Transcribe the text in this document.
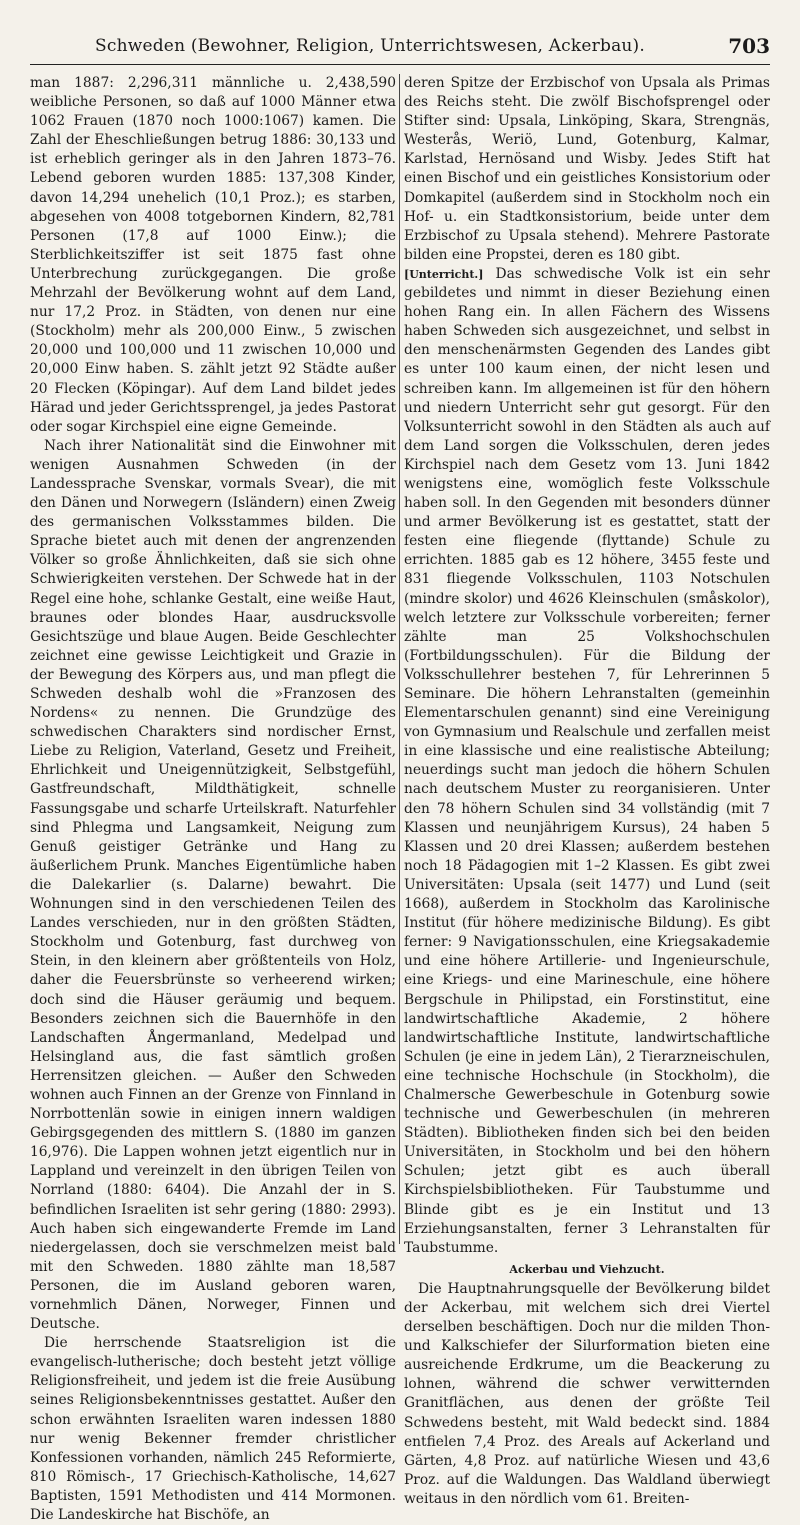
Schweden (Bewohner, Religion, Unterrichtswesen, Ackerbau).	703

man 1887: 2,296,311 männliche u. 2,438,590 weibliche Personen, so daß auf 1000 Männer etwa 1062 Frauen (1870 noch 1000:1067) kamen. Die Zahl der Eheschließungen betrug 1886: 30,133 und ist erheblich geringer als in den Jahren 1873–76. Lebend geboren wurden 1885: 137,308 Kinder, davon 14,294 unehelich (10,1 Proz.); es starben, abgesehen von 4008 totgebornen Kindern, 82,781 Personen (17,8 auf 1000 Einw.); die Sterblichkeitsziffer ist seit 1875 fast ohne Unterbrechung zurückgegangen. Die große Mehrzahl der Bevölkerung wohnt auf dem Land, nur 17,2 Proz. in Städten, von denen nur eine (Stockholm) mehr als 200,000 Einw., 5 zwischen 20,000 und 100,000 und 11 zwischen 10,000 und 20,000 Einw haben. S. zählt jetzt 92 Städte außer 20 Flecken (Köpingar). Auf dem Land bildet jedes Härad und jeder Gerichtssprengel, ja jedes Pastorat oder sogar Kirchspiel eine eigne Gemeinde.

Nach ihrer Nationalität sind die Einwohner mit wenigen Ausnahmen Schweden (in der Landessprache Svenskar, vormals Svear), die mit den Dänen und Norwegern (Isländern) einen Zweig des germanischen Volksstammes bilden. Die Sprache bietet auch mit denen der angrenzenden Völker so große Ähnlichkeiten, daß sie sich ohne Schwierigkeiten verstehen. Der Schwede hat in der Regel eine hohe, schlanke Gestalt, eine weiße Haut, braunes oder blondes Haar, ausdrucksvolle Gesichtszüge und blaue Augen. Beide Geschlechter zeichnet eine gewisse Leichtigkeit und Grazie in der Bewegung des Körpers aus, und man pflegt die Schweden deshalb wohl die »Franzosen des Nordens« zu nennen. Die Grundzüge des schwedischen Charakters sind nordischer Ernst, Liebe zu Religion, Vaterland, Gesetz und Freiheit, Ehrlichkeit und Uneigennützigkeit, Selbstgefühl, Gastfreundschaft, Mildthätigkeit, schnelle Fassungsgabe und scharfe Urteilskraft. Naturfehler sind Phlegma und Langsamkeit, Neigung zum Genuß geistiger Getränke und Hang zu äußerlichem Prunk. Manches Eigentümliche haben die Dalekarlier (s. Dalarne) bewahrt. Die Wohnungen sind in den verschiedenen Teilen des Landes verschieden, nur in den größten Städten, Stockholm und Gotenburg, fast durchweg von Stein, in den kleinern aber größtenteils von Holz, daher die Feuersbrünste so verheerend wirken; doch sind die Häuser geräumig und bequem. Besonders zeichnen sich die Bauernhöfe in den Landschaften Ångermanland, Medelpad und Helsingland aus, die fast sämtlich großen Herrensitzen gleichen. — Außer den Schweden wohnen auch Finnen an der Grenze von Finnland in Norrbottenlän sowie in einigen innern waldigen Gebirgsgegenden des mittlern S. (1880 im ganzen 16,976). Die Lappen wohnen jetzt eigentlich nur in Lappland und vereinzelt in den übrigen Teilen von Norrland (1880: 6404). Die Anzahl der in S. befindlichen Israeliten ist sehr gering (1880: 2993). Auch haben sich eingewanderte Fremde im Land niedergelassen, doch sie verschmelzen meist bald mit den Schweden. 1880 zählte man 18,587 Personen, die im Ausland geboren waren, vornehmlich Dänen, Norweger, Finnen und Deutsche.

Die herrschende Staatsreligion ist die evangelisch-lutherische; doch besteht jetzt völlige Religionsfreiheit, und jedem ist die freie Ausübung seines Religionsbekenntnisses gestattet. Außer den schon erwähnten Israeliten waren indessen 1880 nur wenig Bekenner fremder christlicher Konfessionen vorhanden, nämlich 245 Reformierte, 810 Römisch-, 17 Griechisch-Katholische, 14,627 Baptisten, 1591 Methodisten und 414 Mormonen. Die Landeskirche hat Bischöfe, an

deren Spitze der Erzbischof von Upsala als Primas des Reichs steht. Die zwölf Bischofsprengel oder Stifter sind: Upsala, Linköping, Skara, Strengnäs, Westerås, Weriö, Lund, Gotenburg, Kalmar, Karlstad, Hernösand und Wisby. Jedes Stift hat einen Bischof und ein geistliches Konsistorium oder Domkapitel (außerdem sind in Stockholm noch ein Hof- u. ein Stadtkonsistorium, beide unter dem Erzbischof zu Upsala stehend). Mehrere Pastorate bilden eine Propstei, deren es 180 gibt.

[Unterricht.] Das schwedische Volk ist ein sehr gebildetes und nimmt in dieser Beziehung einen hohen Rang ein. In allen Fächern des Wissens haben Schweden sich ausgezeichnet, und selbst in den menschenärmsten Gegenden des Landes gibt es unter 100 kaum einen, der nicht lesen und schreiben kann. Im allgemeinen ist für den höhern und niedern Unterricht sehr gut gesorgt. Für den Volksunterricht sowohl in den Städten als auch auf dem Land sorgen die Volksschulen, deren jedes Kirchspiel nach dem Gesetz vom 13. Juni 1842 wenigstens eine, womöglich feste Volksschule haben soll. In den Gegenden mit besonders dünner und armer Bevölkerung ist es gestattet, statt der festen eine fliegende (flyttande) Schule zu errichten. 1885 gab es 12 höhere, 3455 feste und 831 fliegende Volksschulen, 1103 Notschulen (mindre skolor) und 4626 Kleinschulen (småskolor), welch letztere zur Volksschule vorbereiten; ferner zählte man 25 Volkshochschulen (Fortbildungsschulen). Für die Bildung der Volksschullehrer bestehen 7, für Lehrerinnen 5 Seminare. Die höhern Lehranstalten (gemeinhin Elementarschulen genannt) sind eine Vereinigung von Gymnasium und Realschule und zerfallen meist in eine klassische und eine realistische Abteilung; neuerdings sucht man jedoch die höhern Schulen nach deutschem Muster zu reorganisieren. Unter den 78 höhern Schulen sind 34 vollständig (mit 7 Klassen und neunjährigem Kursus), 24 haben 5 Klassen und 20 drei Klassen; außerdem bestehen noch 18 Pädagogien mit 1–2 Klassen. Es gibt zwei Universitäten: Upsala (seit 1477) und Lund (seit 1668), außerdem in Stockholm das Karolinische Institut (für höhere medizinische Bildung). Es gibt ferner: 9 Navigationsschulen, eine Kriegsakademie und eine höhere Artillerie- und Ingenieurschule, eine Kriegs- und eine Marineschule, eine höhere Bergschule in Philipstad, ein Forstinstitut, eine landwirtschaftliche Akademie, 2 höhere landwirtschaftliche Institute, landwirtschaftliche Schulen (je eine in jedem Län), 2 Tierarzneischulen, eine technische Hochschule (in Stockholm), die Chalmersche Gewerbeschule in Gotenburg sowie technische und Gewerbeschulen (in mehreren Städten). Bibliotheken finden sich bei den beiden Universitäten, in Stockholm und bei den höhern Schulen; jetzt gibt es auch überall Kirchspielsbibliotheken. Für Taubstumme und Blinde gibt es je ein Institut und 13 Erziehungsanstalten, ferner 3 Lehranstalten für Taubstumme.

Ackerbau und Viehzucht.

Die Hauptnahrungsquelle der Bevölkerung bildet der Ackerbau, mit welchem sich drei Viertel derselben beschäftigen. Doch nur die milden Thon- und Kalkschiefer der Silurformation bieten eine ausreichende Erdkrume, um die Beackerung zu lohnen, während die schwer verwitternden Granitflächen, aus denen der größte Teil Schwedens besteht, mit Wald bedeckt sind. 1884 entfielen 7,4 Proz. des Areals auf Ackerland und Gärten, 4,8 Proz. auf natürliche Wiesen und 43,6 Proz. auf die Waldungen. Das Waldland überwiegt weitaus in den nördlich vom 61. Breiten-
